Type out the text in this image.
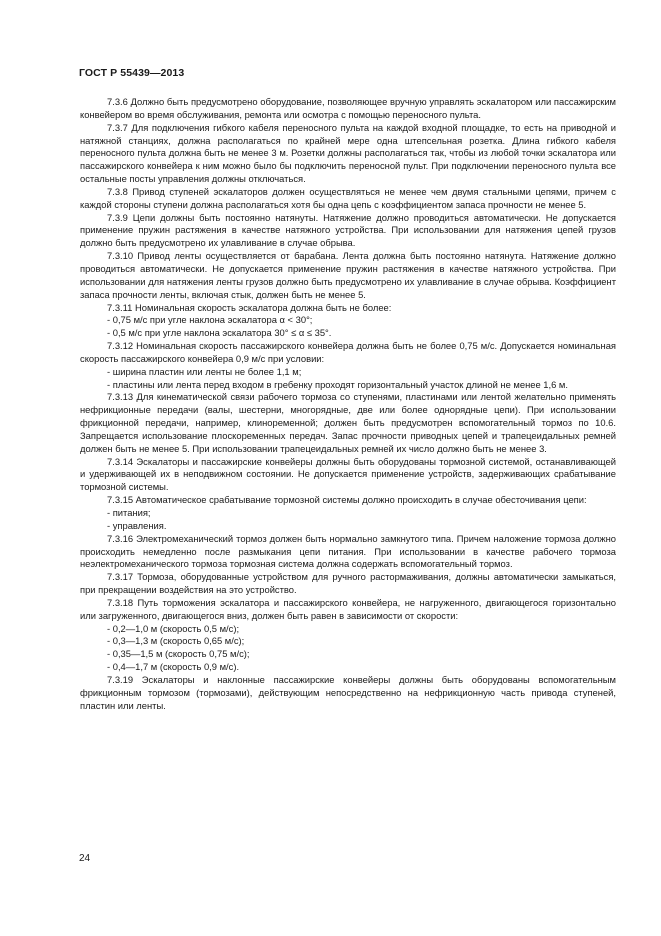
ГОСТ Р 55439—2013

7.3.6 Должно быть предусмотрено оборудование, позволяющее вручную управлять эскалатором или пассажирским конвейером во время обслуживания, ремонта или осмотра с помощью переносного пульта.

7.3.7 Для подключения гибкого кабеля переносного пульта на каждой входной площадке, то есть на приводной и натяжной станциях, должна располагаться по крайней мере одна штепсельная розетка. Длина гибкого кабеля переносного пульта должна быть не менее 3 м. Розетки должны располагаться так, чтобы из любой точки эскалатора или пассажирского конвейера к ним можно было бы подключить переносной пульт. При подключении переносного пульта все остальные посты управления должны отключаться.

7.3.8 Привод ступеней эскалаторов должен осуществляться не менее чем двумя стальными цепями, причем с каждой стороны ступени должна располагаться хотя бы одна цепь с коэффициентом запаса прочности не менее 5.

7.3.9 Цепи должны быть постоянно натянуты. Натяжение должно проводиться автоматически. Не допускается применение пружин растяжения в качестве натяжного устройства. При использовании для натяжения цепей грузов должно быть предусмотрено их улавливание в случае обрыва.

7.3.10 Привод ленты осуществляется от барабана. Лента должна быть постоянно натянута. Натяжение должно проводиться автоматически. Не допускается применение пружин растяжения в качестве натяжного устройства. При использовании для натяжения ленты грузов должно быть предусмотрено их улавливание в случае обрыва. Коэффициент запаса прочности ленты, включая стык, должен быть не менее 5.

7.3.11 Номинальная скорость эскалатора должна быть не более:

- 0,75 м/с при угле наклона эскалатора α < 30°;

- 0,5 м/с при угле наклона эскалатора 30° ≤ α ≤ 35°.

7.3.12 Номинальная скорость пассажирского конвейера должна быть не более 0,75 м/с. Допускается номинальная скорость пассажирского конвейера 0,9 м/с при условии:

- ширина пластин или ленты не более 1,1 м;

- пластины или лента перед входом в гребенку проходят горизонтальный участок длиной не менее 1,6 м.

7.3.13 Для кинематической связи рабочего тормоза со ступенями, пластинами или лентой желательно применять нефрикционные передачи (валы, шестерни, многорядные, две или более однорядные цепи). При использовании фрикционной передачи, например, клиноременной; должен быть предусмотрен вспомогательный тормоз по 10.6. Запрещается использование плоскоременных передач. Запас прочности приводных цепей и трапецеидальных ремней должен быть не менее 5. При использовании трапецеидальных ремней их число должно быть не менее 3.

7.3.14 Эскалаторы и пассажирские конвейеры должны быть оборудованы тормозной системой, останавливающей и удерживающей их в неподвижном состоянии. Не допускается применение устройств, задерживающих срабатывание тормозной системы.

7.3.15 Автоматическое срабатывание тормозной системы должно происходить в случае обесточивания цепи:

- питания;

- управления.

7.3.16 Электромеханический тормоз должен быть нормально замкнутого типа. Причем наложение тормоза должно происходить немедленно после размыкания цепи питания. При использовании в качестве рабочего тормоза неэлектромеханического тормоза тормозная система должна содержать вспомогательный тормоз.

7.3.17 Тормоза, оборудованные устройством для ручного растормаживания, должны автоматически замыкаться, при прекращении воздействия на это устройство.

7.3.18 Путь торможения эскалатора и пассажирского конвейера, не нагруженного, двигающегося горизонтально или загруженного, двигающегося вниз, должен быть равен в зависимости от скорости:

- 0,2—1,0 м (скорость 0,5 м/с);

- 0,3—1,3 м (скорость 0,65 м/с);

- 0,35—1,5 м (скорость 0,75 м/с);

- 0,4—1,7 м (скорость 0,9 м/с).

7.3.19 Эскалаторы и наклонные пассажирские конвейеры должны быть оборудованы вспомогательным фрикционным тормозом (тормозами), действующим непосредственно на нефрикционную часть привода ступеней, пластин или ленты.

24
